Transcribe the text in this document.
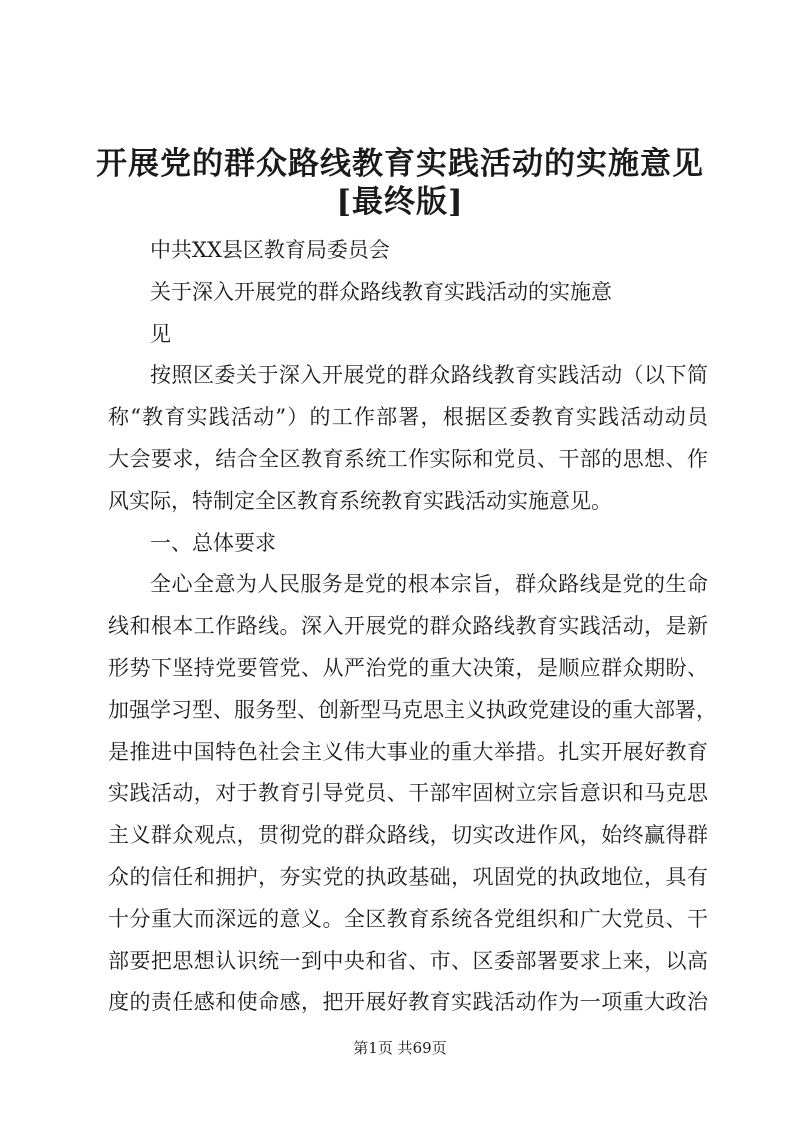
开展党的群众路线教育实践活动的实施意见
[最终版]
中共XX县区教育局委员会
关于深入开展党的群众路线教育实践活动的实施意
见
按照区委关于深入开展党的群众路线教育实践活动（以下简
称“教育实践活动”）的工作部署，根据区委教育实践活动动员
大会要求，结合全区教育系统工作实际和党员、干部的思想、作
风实际，特制定全区教育系统教育实践活动实施意见。
一、总体要求
全心全意为人民服务是党的根本宗旨，群众路线是党的生命
线和根本工作路线。深入开展党的群众路线教育实践活动，是新
形势下坚持党要管党、从严治党的重大决策，是顺应群众期盼、
加强学习型、服务型、创新型马克思主义执政党建设的重大部署，
是推进中国特色社会主义伟大事业的重大举措。扎实开展好教育
实践活动，对于教育引导党员、干部牢固树立宗旨意识和马克思
主义群众观点，贯彻党的群众路线，切实改进作风，始终赢得群
众的信任和拥护，夯实党的执政基础，巩固党的执政地位，具有
十分重大而深远的意义。全区教育系统各党组织和广大党员、干
部要把思想认识统一到中央和省、市、区委部署要求上来，以高
度的责任感和使命感，把开展好教育实践活动作为一项重大政治
第1页 共69页
